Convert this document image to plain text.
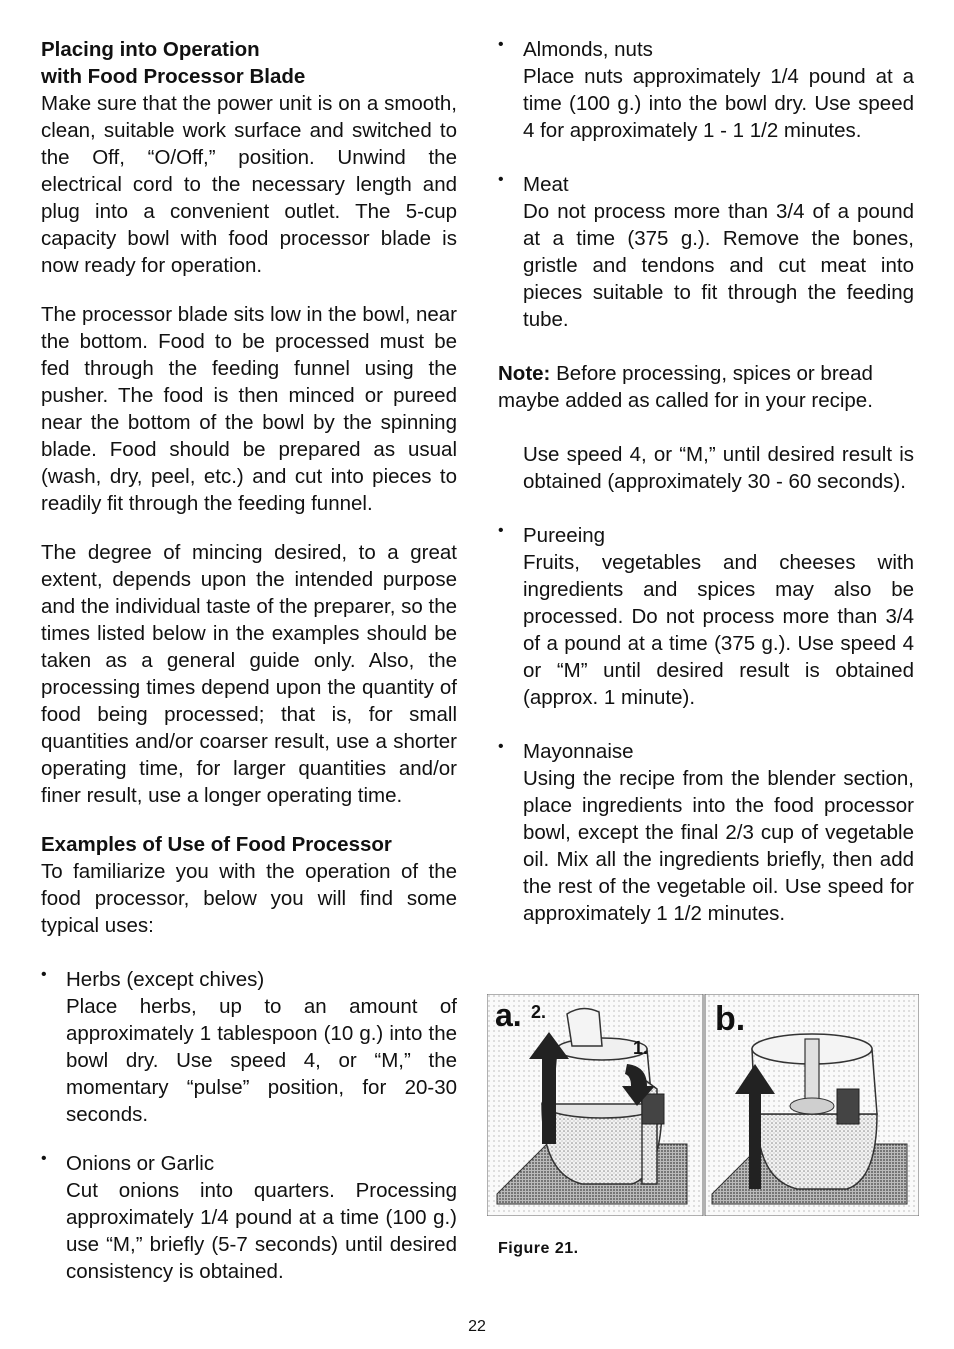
Placing into Operation
with Food Processor Blade

Make sure that the power unit is on a smooth, clean, suitable work surface and switched to the Off, “O/Off,” position. Unwind the electrical cord to the necessary length and plug into a convenient outlet. The 5-cup capacity bowl with food processor blade is now ready for operation.

The processor blade sits low in the bowl, near the bottom. Food to be processed must be fed through the feeding funnel using the pusher. The food is then minced or pureed near the bottom of the bowl by the spinning blade. Food should be prepared as usual (wash, dry, peel, etc.) and cut into pieces to readily fit through the feeding funnel.

The degree of mincing desired, to a great extent, depends upon the intended purpose and the individual taste of the preparer, so the times listed below in the examples should be taken as a general guide only. Also, the processing times depend upon the quantity of food being processed; that is, for small quantities and/or coarser result, use a shorter operating time, for larger quantities and/or finer result, use a longer operating time.

Examples of Use of Food Processor

To familiarize you with the operation of the food processor, below you will find some typical uses:

• Herbs (except chives)

Place herbs, up to an amount of approximately 1 tablespoon (10 g.) into the bowl dry. Use speed 4, or “M,” the momentary “pulse” position, for 20-30 seconds.

• Onions or Garlic

Cut onions into quarters. Processing approximately 1/4 pound at a time (100 g.) use “M,” briefly (5-7 seconds) until desired consistency is obtained.

• Almonds, nuts

Place nuts approximately 1/4 pound at a time (100 g.) into the bowl dry. Use speed 4 for approximately 1 - 1 1/2 minutes.

• Meat

Do not process more than 3/4 of a pound at a time (375 g.). Remove the bones, gristle and tendons and cut meat into pieces suitable to fit through the feeding tube.

Note: Before processing, spices or bread maybe added as called for in your recipe.

Use speed 4, or “M,” until desired result is obtained (approximately 30 - 60 seconds).

• Pureeing

Fruits, vegetables and cheeses with ingredients and spices may also be processed. Do not process more than 3/4 of a pound at a time (375 g.). Use speed 4 or “M” until desired result is obtained (approx. 1 minute).

• Mayonnaise

Using the recipe from the blender section, place ingredients into the food processor bowl, except the final 2/3 cup of vegetable oil. Mix all the ingredients briefly, then add the rest of the vegetable oil. Use speed for approximately 1 1/2 minutes.

a. 2.
1.
b.
Figure 21.
22
